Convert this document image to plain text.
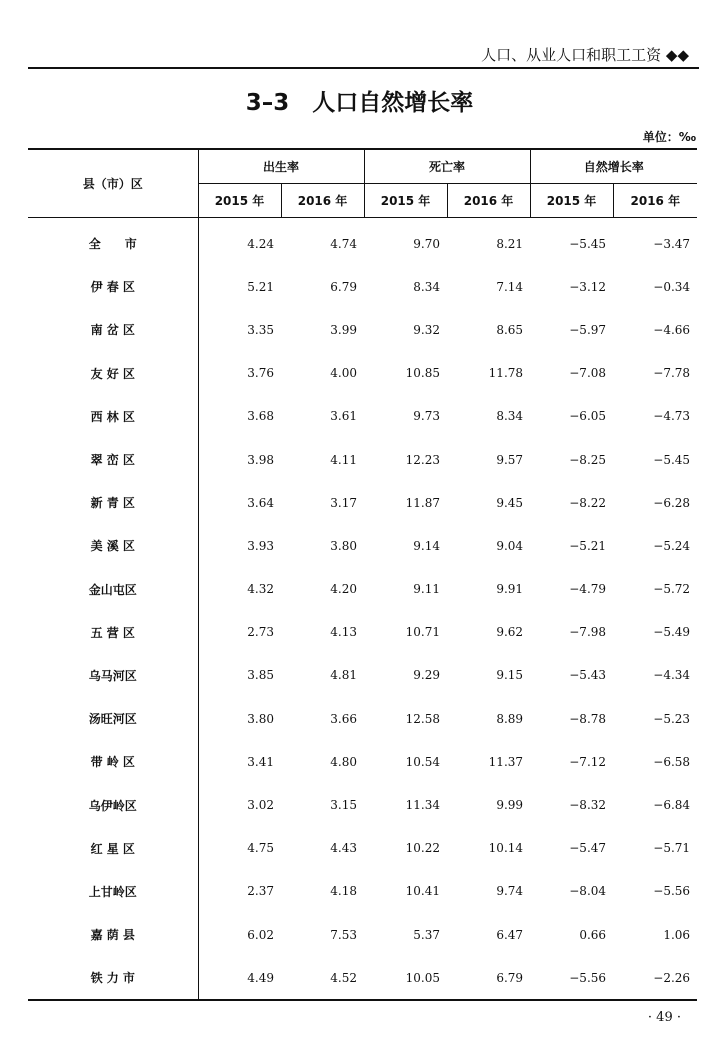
人口、从业人口和职工工资 ◆◆
3–3　人口自然增长率
单位：‰
县（市）区	出生率		死亡率		自然增长率	
	2015 年	2016 年	2015 年	2016 年	2015 年	2016 年
全　　市	4.24	4.74	9.70	8.21	−5.45	−3.47
伊 春 区	5.21	6.79	8.34	7.14	−3.12	−0.34
南 岔 区	3.35	3.99	9.32	8.65	−5.97	−4.66
友 好 区	3.76	4.00	10.85	11.78	−7.08	−7.78
西 林 区	3.68	3.61	9.73	8.34	−6.05	−4.73
翠 峦 区	3.98	4.11	12.23	9.57	−8.25	−5.45
新 青 区	3.64	3.17	11.87	9.45	−8.22	−6.28
美 溪 区	3.93	3.80	9.14	9.04	−5.21	−5.24
金山屯区	4.32	4.20	9.11	9.91	−4.79	−5.72
五 营 区	2.73	4.13	10.71	9.62	−7.98	−5.49
乌马河区	3.85	4.81	9.29	9.15	−5.43	−4.34
汤旺河区	3.80	3.66	12.58	8.89	−8.78	−5.23
带 岭 区	3.41	4.80	10.54	11.37	−7.12	−6.58
乌伊岭区	3.02	3.15	11.34	9.99	−8.32	−6.84
红 星 区	4.75	4.43	10.22	10.14	−5.47	−5.71
上甘岭区	2.37	4.18	10.41	9.74	−8.04	−5.56
嘉 荫 县	6.02	7.53	5.37	6.47	0.66	1.06
铁 力 市	4.49	4.52	10.05	6.79	−5.56	−2.26
· 49 ·
